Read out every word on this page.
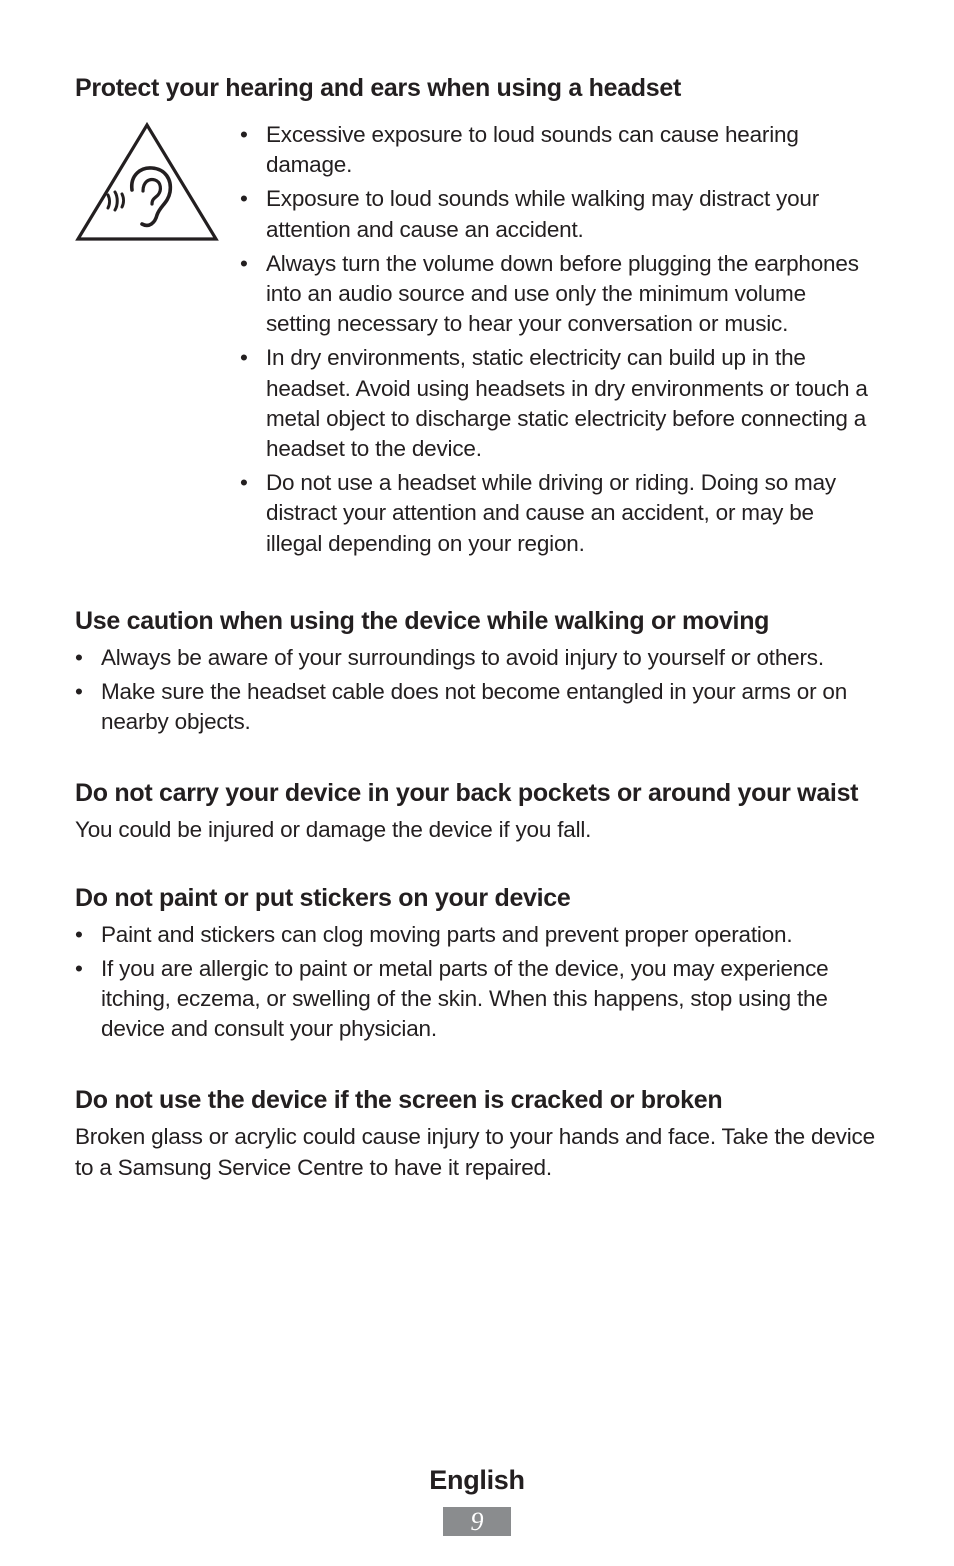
Protect your hearing and ears when using a headset
• Excessive exposure to loud sounds can cause hearing damage.
• Exposure to loud sounds while walking may distract your attention and cause an accident.
• Always turn the volume down before plugging the earphones into an audio source and use only the minimum volume setting necessary to hear your conversation or music.
• In dry environments, static electricity can build up in the headset. Avoid using headsets in dry environments or touch a metal object to discharge static electricity before connecting a headset to the device.
• Do not use a headset while driving or riding. Doing so may distract your attention and cause an accident, or may be illegal depending on your region.
Use caution when using the device while walking or moving
• Always be aware of your surroundings to avoid injury to yourself or others.
• Make sure the headset cable does not become entangled in your arms or on nearby objects.
Do not carry your device in your back pockets or around your waist

You could be injured or damage the device if you fall.

Do not paint or put stickers on your device
• Paint and stickers can clog moving parts and prevent proper operation.
• If you are allergic to paint or metal parts of the device, you may experience itching, eczema, or swelling of the skin. When this happens, stop using the device and consult your physician.
Do not use the device if the screen is cracked or broken

Broken glass or acrylic could cause injury to your hands and face. Take the device to a Samsung Service Centre to have it repaired.

English
9
